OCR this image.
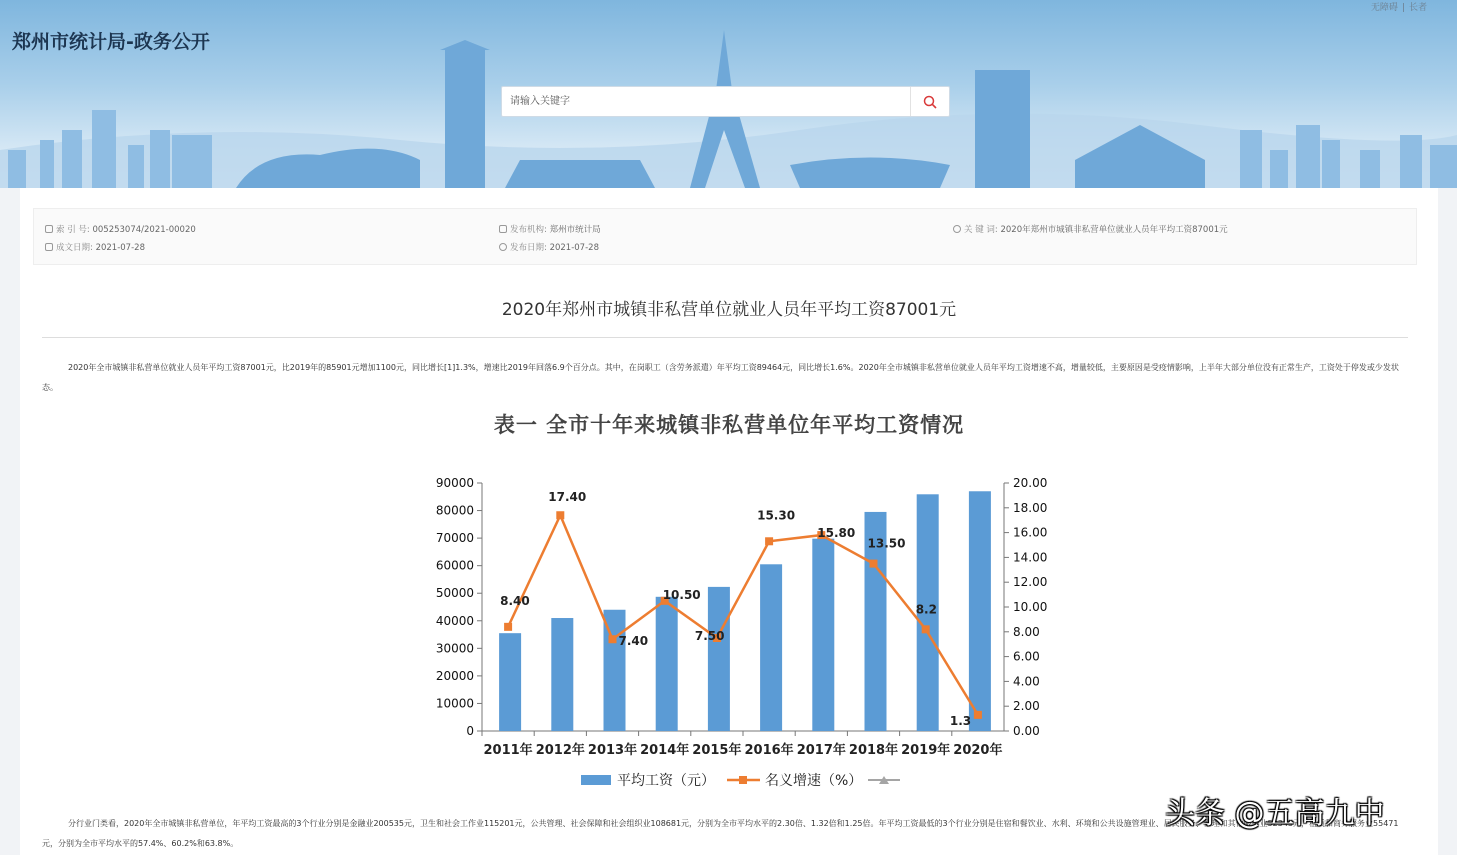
郑州市统计局-政务公开
无障碍 | 长者
请输入关键字
索 引 号: 005253074/2021-00020
成文日期: 2021-07-28
发布机构: 郑州市统计局
发布日期: 2021-07-28
关 键 词: 2020年郑州市城镇非私营单位就业人员年平均工资87001元
2020年郑州市城镇非私营单位就业人员年平均工资87001元
2020年全市城镇非私营单位就业人员年平均工资87001元，比2019年的85901元增加1100元，同比增长[1]1.3%，增速比2019年回落6.9个百分点。其中，在岗职工（含劳务派遣）年平均工资89464元，同比增长1.6%。2020年全市城镇非私营单位就业人员年平均工资增速不高，增量较低，主要原因是受疫情影响，上半年大部分单位没有正常生产，工资处于停发或少发状态。
表一 全市十年来城镇非私营单位年平均工资情况
0
10000
20000
30000
40000
50000
60000
70000
80000
90000
0.00
2.00
4.00
6.00
8.00
10.00
12.00
14.00
16.00
18.00
20.00
2011年 2012年 2013年 2014年 2015年 2016年 2017年 2018年 2019年 2020年
8.40
17.40
7.40
10.50
7.50
15.30
15.80
13.50
8.2
1.3
平均工资（元）	名义增速（%）
分行业门类看，2020年全市城镇非私营单位，年平均工资最高的3个行业分别是金融业200535元，卫生和社会工作业115201元，公共管理、社会保障和社会组织业108681元，分别为全市平均水平的2.30倍、1.32倍和1.25倍。年平均工资最低的3个行业分别是住宿和餐饮业、水利、环境和公共设施管理业、居民服务、修理和其他服务业52343元，租赁和商务服务业55471元，分别为全市平均水平的57.4%、60.2%和63.8%。
头条 @五高九中
